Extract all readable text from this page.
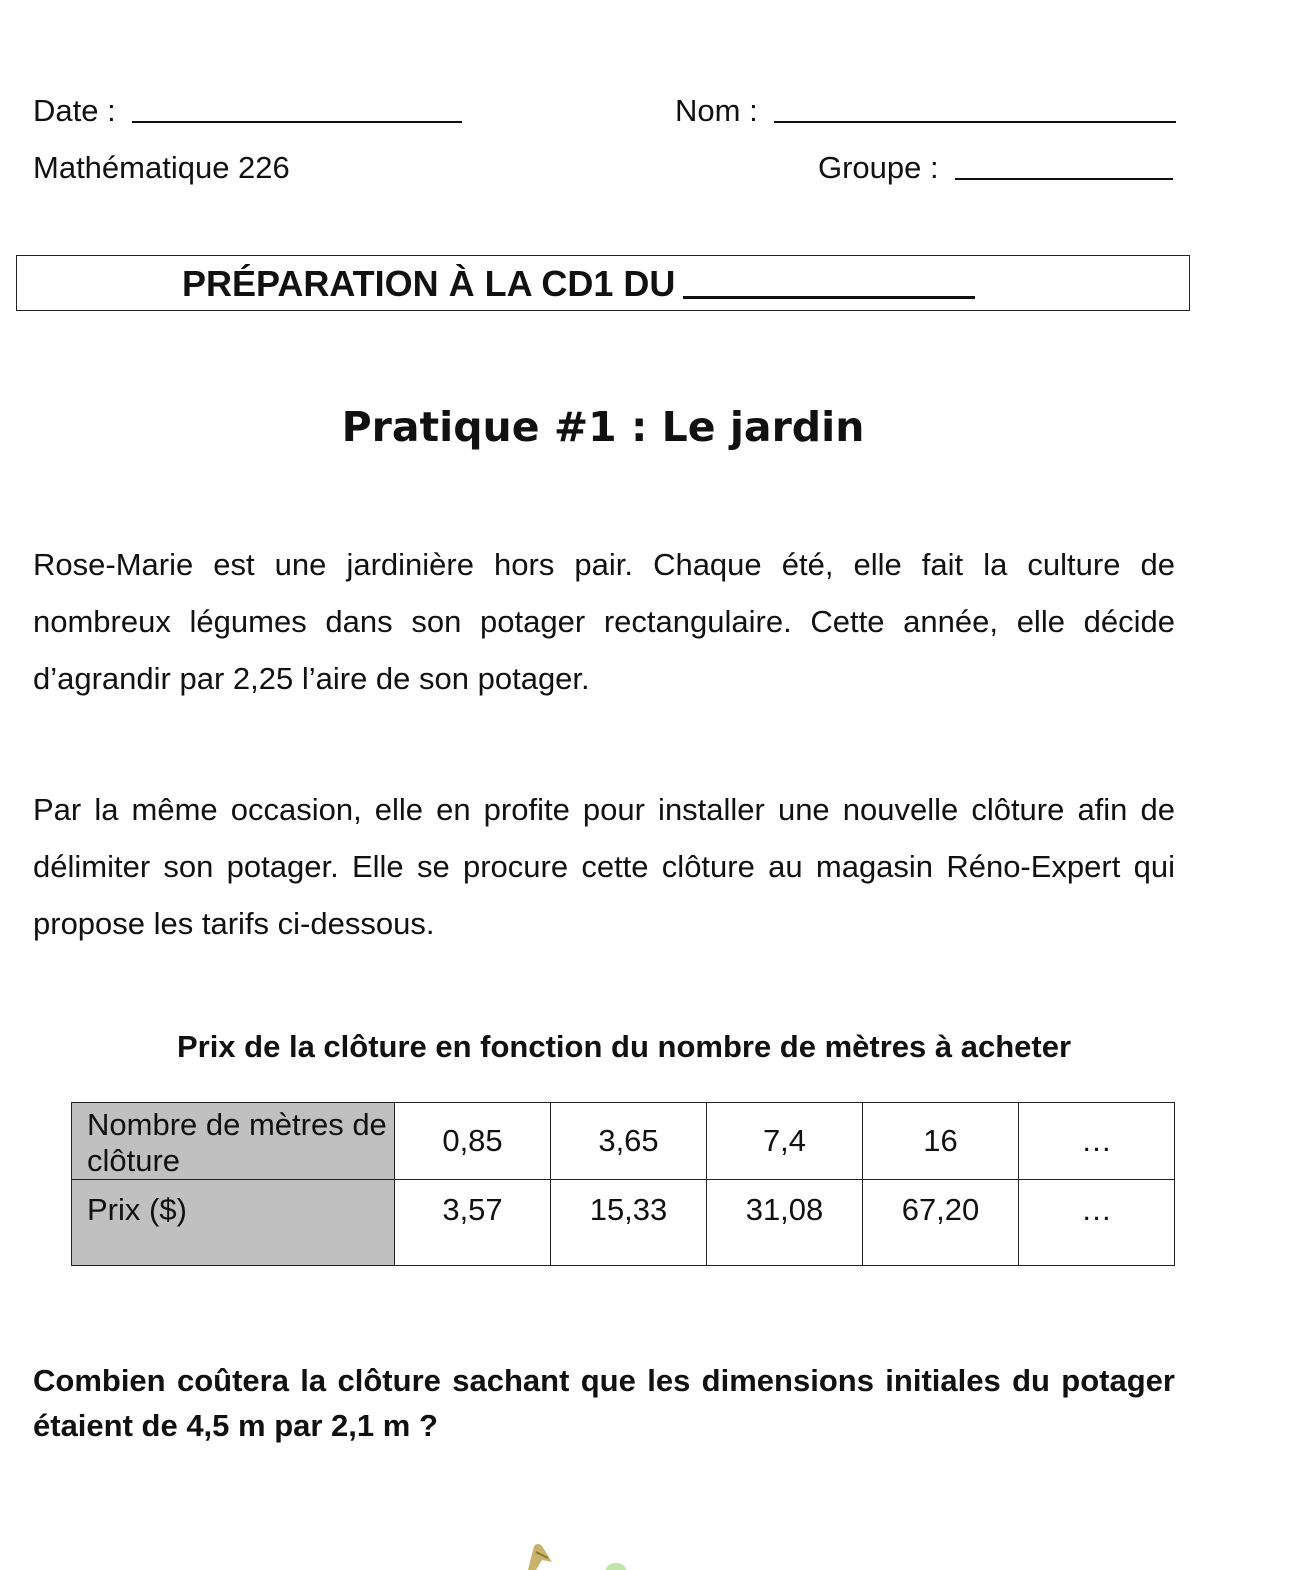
Date :	Nom :
Mathématique 226	Groupe :
PRÉPARATION À LA CD1 DU
Pratique #1 : Le jardin
Rose-Marie est une jardinière hors pair. Chaque été, elle fait la culture de nombreux légumes dans son potager rectangulaire. Cette année, elle décide d’agrandir par 2,25 l’aire de son potager.
Par la même occasion, elle en profite pour installer une nouvelle clôture afin de délimiter son potager. Elle se procure cette clôture au magasin Réno-Expert qui propose les tarifs ci-dessous.
Prix de la clôture en fonction du nombre de mètres à acheter
Nombre de mètres de clôture	0,85	3,65	7,4	16	…
Prix ($)	3,57	15,33	31,08	67,20	…
Combien coûtera la clôture sachant que les dimensions initiales du potager étaient de 4,5 m par 2,1 m ?
